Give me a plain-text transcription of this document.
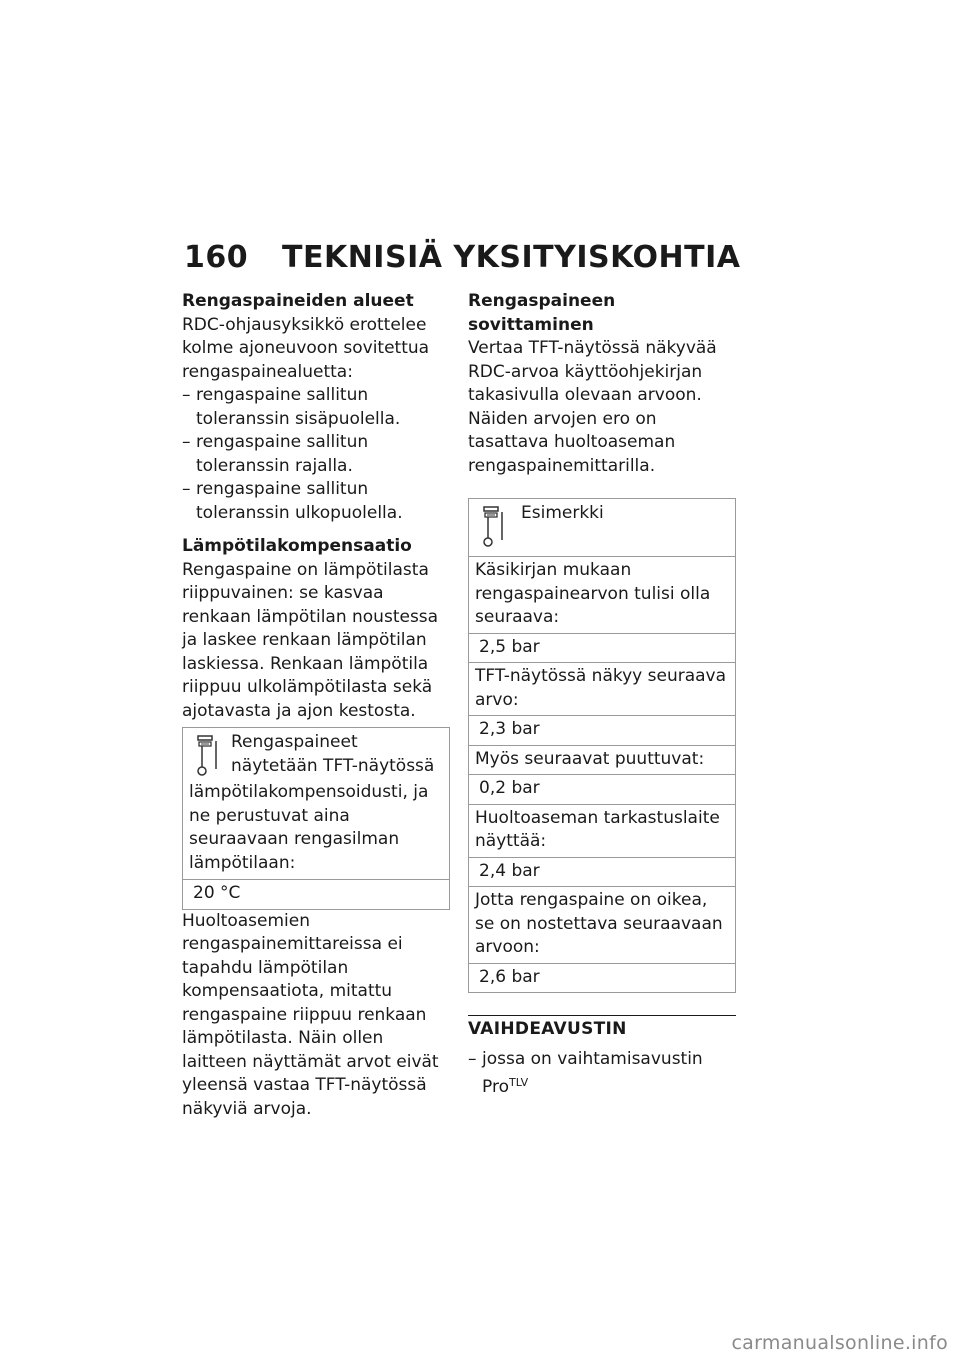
160 TEKNISIÄ YKSITYISKOHTIA

Rengaspaineiden alueet

RDC-ohjausyksikkö erottelee kolme ajoneuvoon sovitettua rengaspainealuetta:

– rengaspaine sallitun toleranssin sisäpuolella.
– rengaspaine sallitun toleranssin rajalla.
– rengaspaine sallitun toleranssin ulkopuolella.

Lämpötilakompensaatio

Rengaspaine on lämpötilasta riippuvainen: se kasvaa renkaan lämpötilan noustessa ja laskee renkaan lämpötilan laskiessa. Renkaan lämpötila riippuu ulkolämpötilasta sekä ajotavasta ja ajon kestosta.

Rengaspaineet näytetään TFT-näytössä lämpötilakompensoidusti, ja ne perustuvat aina seuraavaan rengasilman lämpötilaan:
20 °C

Huoltoasemien rengaspainemittareissa ei tapahdu lämpötilan kompensaatiota, mitattu rengaspaine riippuu renkaan lämpötilasta. Näin ollen laitteen näyttämät arvot eivät yleensä vastaa TFT-näytössä näkyviä arvoja.

Rengaspaineen sovittaminen

Vertaa TFT-näytössä näkyvää RDC-arvoa käyttöohjekirjan takasivulla olevaan arvoon. Näiden arvojen ero on tasattava huoltoaseman rengaspainemittarilla.

Esimerkki
Käsikirjan mukaan rengaspainearvon tulisi olla seuraava:
2,5 bar
TFT-näytössä näkyy seuraava arvo:
2,3 bar
Myös seuraavat puuttuvat:
0,2 bar
Huoltoaseman tarkastuslaite näyttää:
2,4 bar
Jotta rengaspaine on oikea, se on nostettava seuraavaan arvoon:
2,6 bar
VAIHDEAVUSTIN
– jossa on vaihtamisavustin Pro$^{TLV}$
carmanualsonline.info
